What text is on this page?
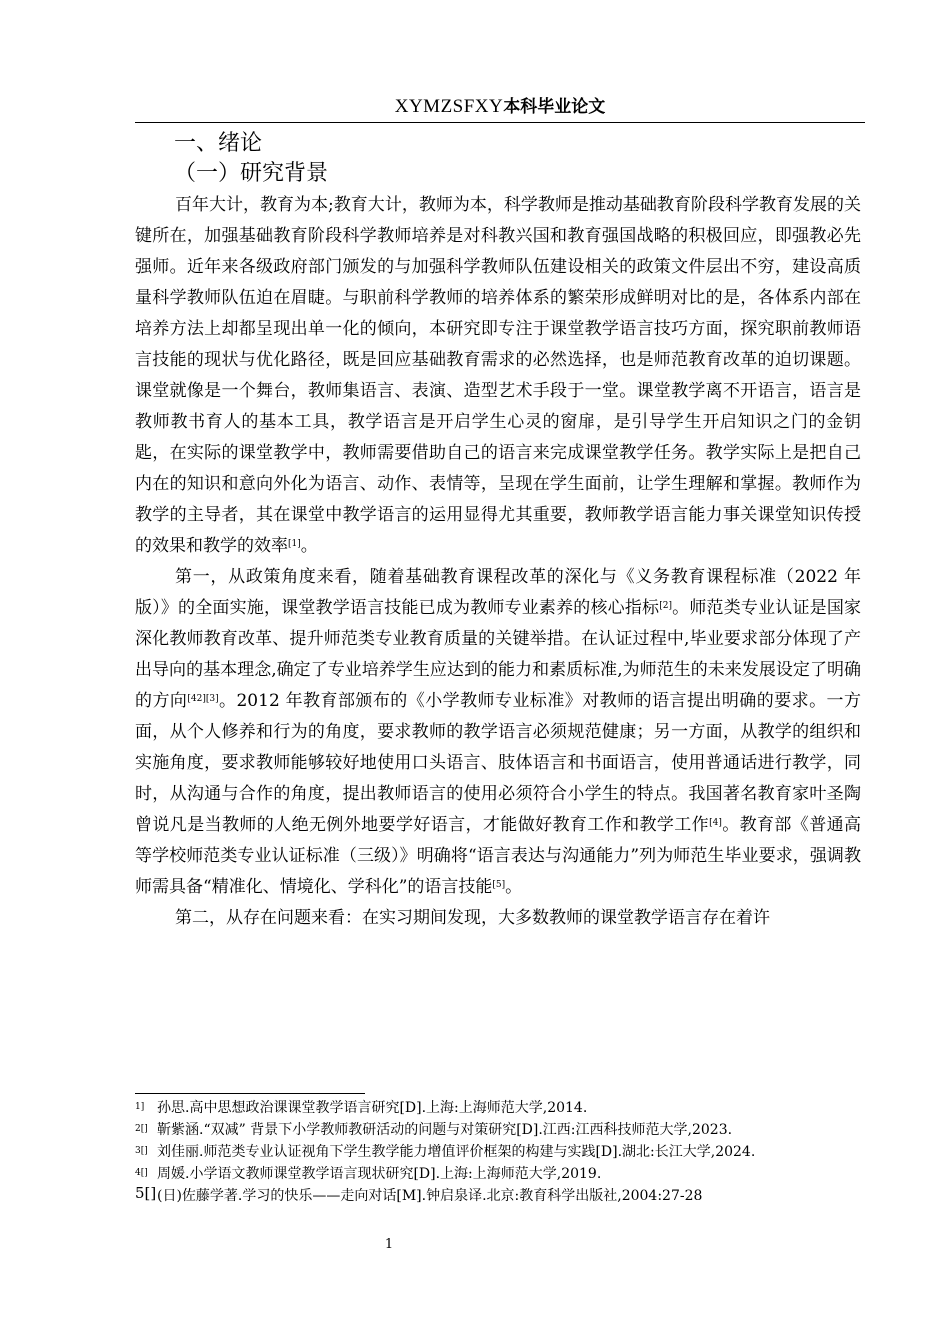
XYMZSFXY本科毕业论文
一、绪论
（一）研究背景

百年大计，教育为本;教育大计，教师为本，科学教师是推动基础教育阶段科学教育发展的关键所在，加强基础教育阶段科学教师培养是对科教兴国和教育强国战略的积极回应，即强教必先强师。近年来各级政府部门颁发的与加强科学教师队伍建设相关的政策文件层出不穷，建设高质量科学教师队伍迫在眉睫。与职前科学教师的培养体系的繁荣形成鲜明对比的是，各体系内部在培养方法上却都呈现出单一化的倾向，本研究即专注于课堂教学语言技巧方面，探究职前教师语言技能的现状与优化路径，既是回应基础教育需求的必然选择，也是师范教育改革的迫切课题。课堂就像是一个舞台，教师集语言、表演、造型艺术手段于一堂。课堂教学离不开语言，语言是教师教书育人的基本工具，教学语言是开启学生心灵的窗扉，是引导学生开启知识之门的金钥匙，在实际的课堂教学中，教师需要借助自己的语言来完成课堂教学任务。教学实际上是把自己内在的知识和意向外化为语言、动作、表情等，呈现在学生面前，让学生理解和掌握。教师作为教学的主导者，其在课堂中教学语言的运用显得尤其重要，教师教学语言能力事关课堂知识传授的效果和教学的效率[1]。

第一，从政策角度来看，随着基础教育课程改革的深化与《义务教育课程标准（2022 年版）》的全面实施，课堂教学语言技能已成为教师专业素养的核心指标[2]。师范类专业认证是国家深化教师教育改革、提升师范类专业教育质量的关键举措。在认证过程中,毕业要求部分体现了产出导向的基本理念,确定了专业培养学生应达到的能力和素质标准,为师范生的未来发展设定了明确的方向[42][3]。2012 年教育部颁布的《小学教师专业标准》对教师的语言提出明确的要求。一方面，从个人修养和行为的角度，要求教师的教学语言必须规范健康；另一方面，从教学的组织和实施角度，要求教师能够较好地使用口头语言、肢体语言和书面语言，使用普通话进行教学，同时，从沟通与合作的角度，提出教师语言的使用必须符合小学生的特点。我国著名教育家叶圣陶曾说凡是当教师的人绝无例外地要学好语言，才能做好教育工作和教学工作[4]。教育部《普通高等学校师范类专业认证标准（三级）》明确将“语言表达与沟通能力”列为师范生毕业要求，强调教师需具备“精准化、情境化、学科化”的语言技能[5]。

第二，从存在问题来看：在实习期间发现，大多数教师的课堂教学语言存在着许

1] 孙思.高中思想政治课课堂教学语言研究[D].上海:上海师范大学,2014.
2[] 靳紫涵.“双减” 背景下小学教师教研活动的问题与对策研究[D].江西:江西科技师范大学,2023.
3[] 刘佳丽.师范类专业认证视角下学生教学能力增值评价框架的构建与实践[D].湖北:长江大学,2024.
4[] 周媛.小学语文教师课堂教学语言现状研究[D].上海:上海师范大学,2019.
5[] (日)佐藤学著.学习的快乐——走向对话[M].钟启泉译.北京:教育科学出版社,2004:27-28
1
